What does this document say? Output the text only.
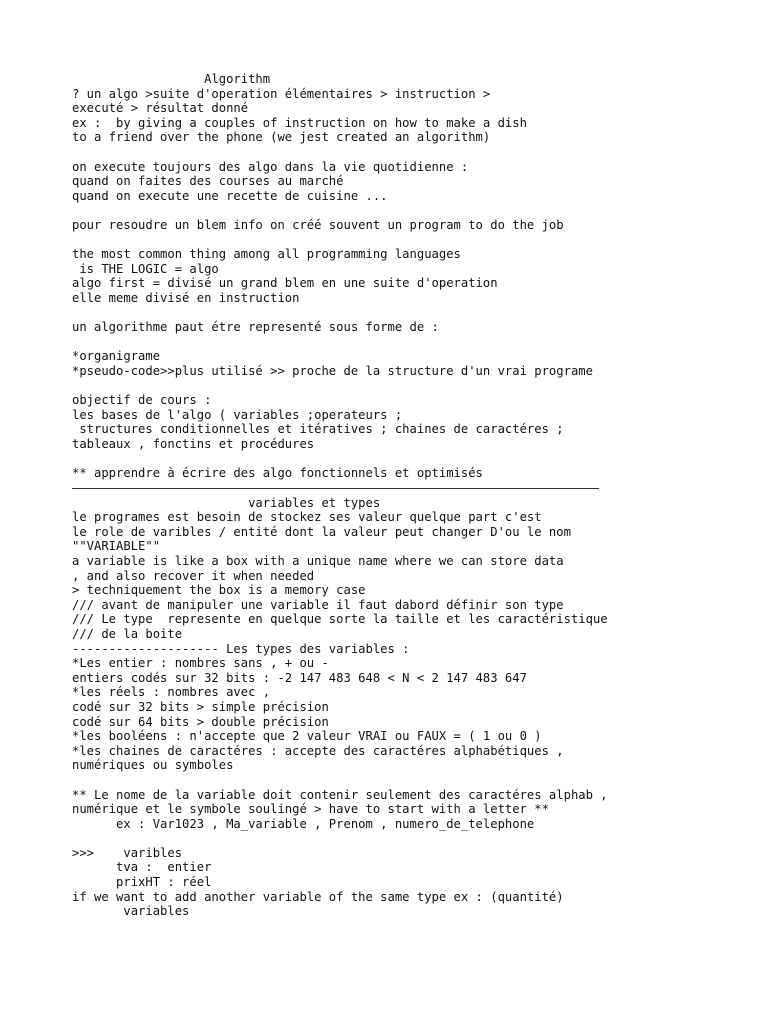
Algorithm
? un algo >suite d'operation élémentaires > instruction >
executé > résultat donné
ex :  by giving a couples of instruction on how to make a dish
to a friend over the phone (we jest created an algorithm)
on execute toujours des algo dans la vie quotidienne :
quand on faites des courses au marché
quand on execute une recette de cuisine ...
pour resoudre un blem info on créé souvent un program to do the job
the most common thing among all programming languages
is THE LOGIC = algo
algo first = divisé un grand blem en une suite d'operation
elle meme divisé en instruction
un algorithme paut étre representé sous forme de :
*organigrame
*pseudo-code>>plus utilisé >> proche de la structure d'un vrai programe
objectif de cours :
les bases de l'algo ( variables ;operateurs ;
structures conditionnelles et itératives ; chaines de caractéres ;
tableaux , fonctins et procédures
** apprendre à écrire des algo fonctionnels et optimisés
variables et types
le programes est besoin de stockez ses valeur quelque part c'est
le role de varibles / entité dont la valeur peut changer D'ou le nom
""VARIABLE""
a variable is like a box with a unique name where we can store data
, and also recover it when needed
> techniquement the box is a memory case
/// avant de manipuler une variable il faut dabord définir son type
/// Le type  represente en quelque sorte la taille et les caractéristique
/// de la boite
-------------------- Les types des variables :
*Les entier : nombres sans , + ou -
entiers codés sur 32 bits : -2 147 483 648 < N < 2 147 483 647
*les réels : nombres avec ,
codé sur 32 bits > simple précision
codé sur 64 bits > double précision
*les booléens : n'accepte que 2 valeur VRAI ou FAUX = ( 1 ou 0 )
*les chaines de caractéres : accepte des caractéres alphabétiques ,
numériques ou symboles
** Le nome de la variable doit contenir seulement des caractéres alphab ,
numérique et le symbole soulingé > have to start with a letter **
ex : Var1023 , Ma_variable , Prenom , numero_de_telephone
>>>    varibles
tva :  entier
prixHT : réel
if we want to add another variable of the same type ex : (quantité)
variables
